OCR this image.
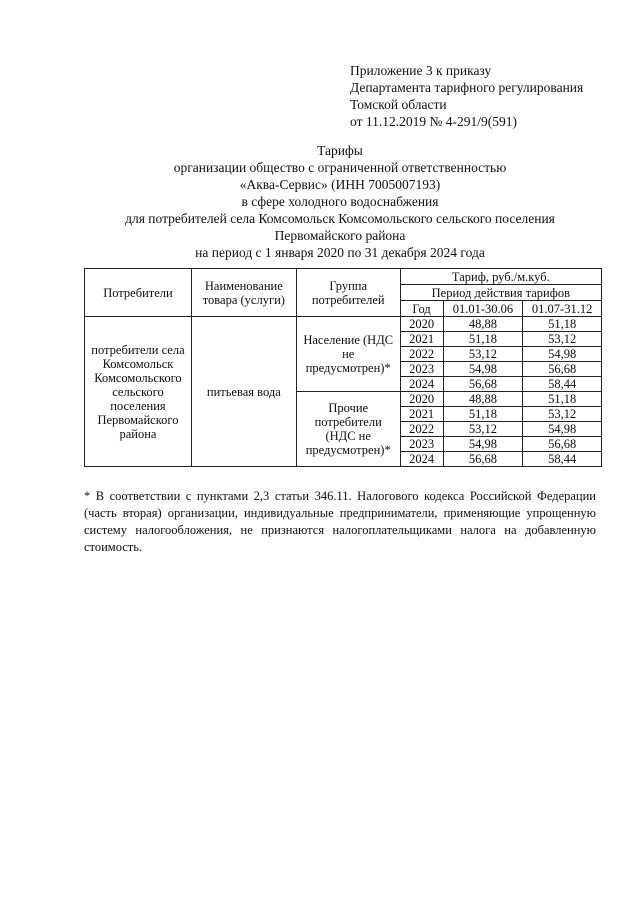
Приложение 3 к приказу
Департамента тарифного регулирования
Томской области
от 11.12.2019 № 4-291/9(591)
Тарифы
организации общество с ограниченной ответственностью
«Аква-Сервис» (ИНН 7005007193)
в сфере холодного водоснабжения
для потребителей села Комсомольск Комсомольского сельского поселения
Первомайского района
на период с 1 января 2020 по 31 декабря 2024 года
Потребители	Наименование товара (услуги)	Группа потребителей	Тариф, руб./м.куб.		
			Период действия тарифов		
			Год	01.01-30.06	01.07-31.12
потребители села Комсомольск Комсомольского сельского поселения Первомайского района	питьевая вода	Население (НДС не предусмотрен)*	2020	48,88	51,18
			2021	51,18	53,12
			2022	53,12	54,98
			2023	54,98	56,68
			2024	56,68	58,44
		Прочие потребители (НДС не предусмотрен)*	2020	48,88	51,18
			2021	51,18	53,12
			2022	53,12	54,98
			2023	54,98	56,68
			2024	56,68	58,44
* В соответствии с пунктами 2,3 статьи 346.11. Налогового кодекса Российской Федерации (часть вторая) организации, индивидуальные предприниматели, применяющие упрощенную систему налогообложения, не признаются налогоплательщиками налога на добавленную стоимость.
